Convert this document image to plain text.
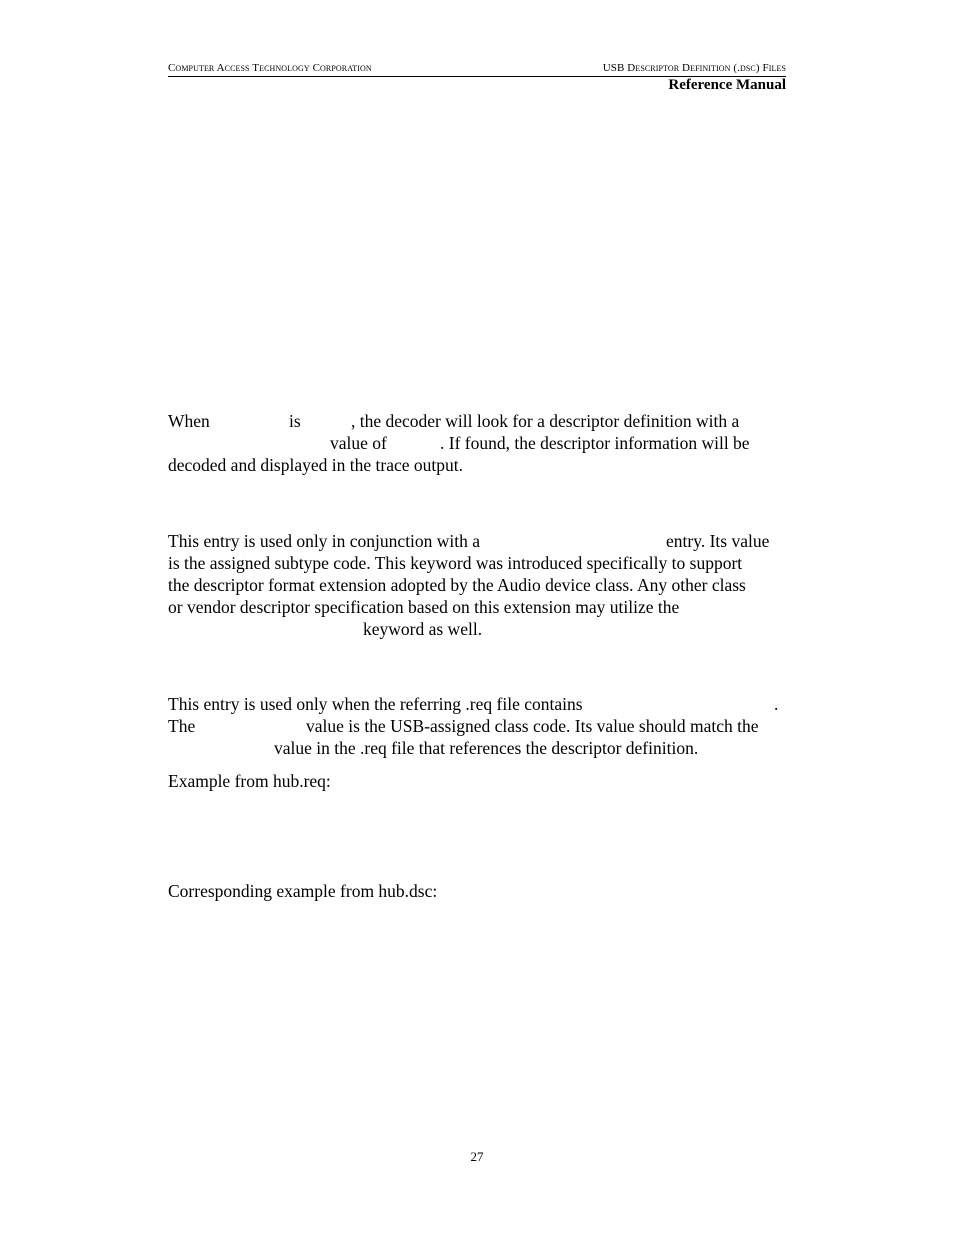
Computer Access Technology Corporation	USB Descriptor Definition (.dsc) Files
Reference Manual
When	is	, the decoder will look for a descriptor definition with a
value of	. If found, the descriptor information will be
decoded and displayed in the trace output.
This entry is used only in conjunction with a	entry. Its value
is the assigned subtype code. This keyword was introduced specifically to support
the descriptor format extension adopted by the Audio device class. Any other class
or vendor descriptor specification based on this extension may utilize the
keyword as well.
This entry is used only when the referring .req file contains	.
The	value is the USB-assigned class code. Its value should match the
value in the .req file that references the descriptor definition.
Example from hub.req:
Corresponding example from hub.dsc:
27
